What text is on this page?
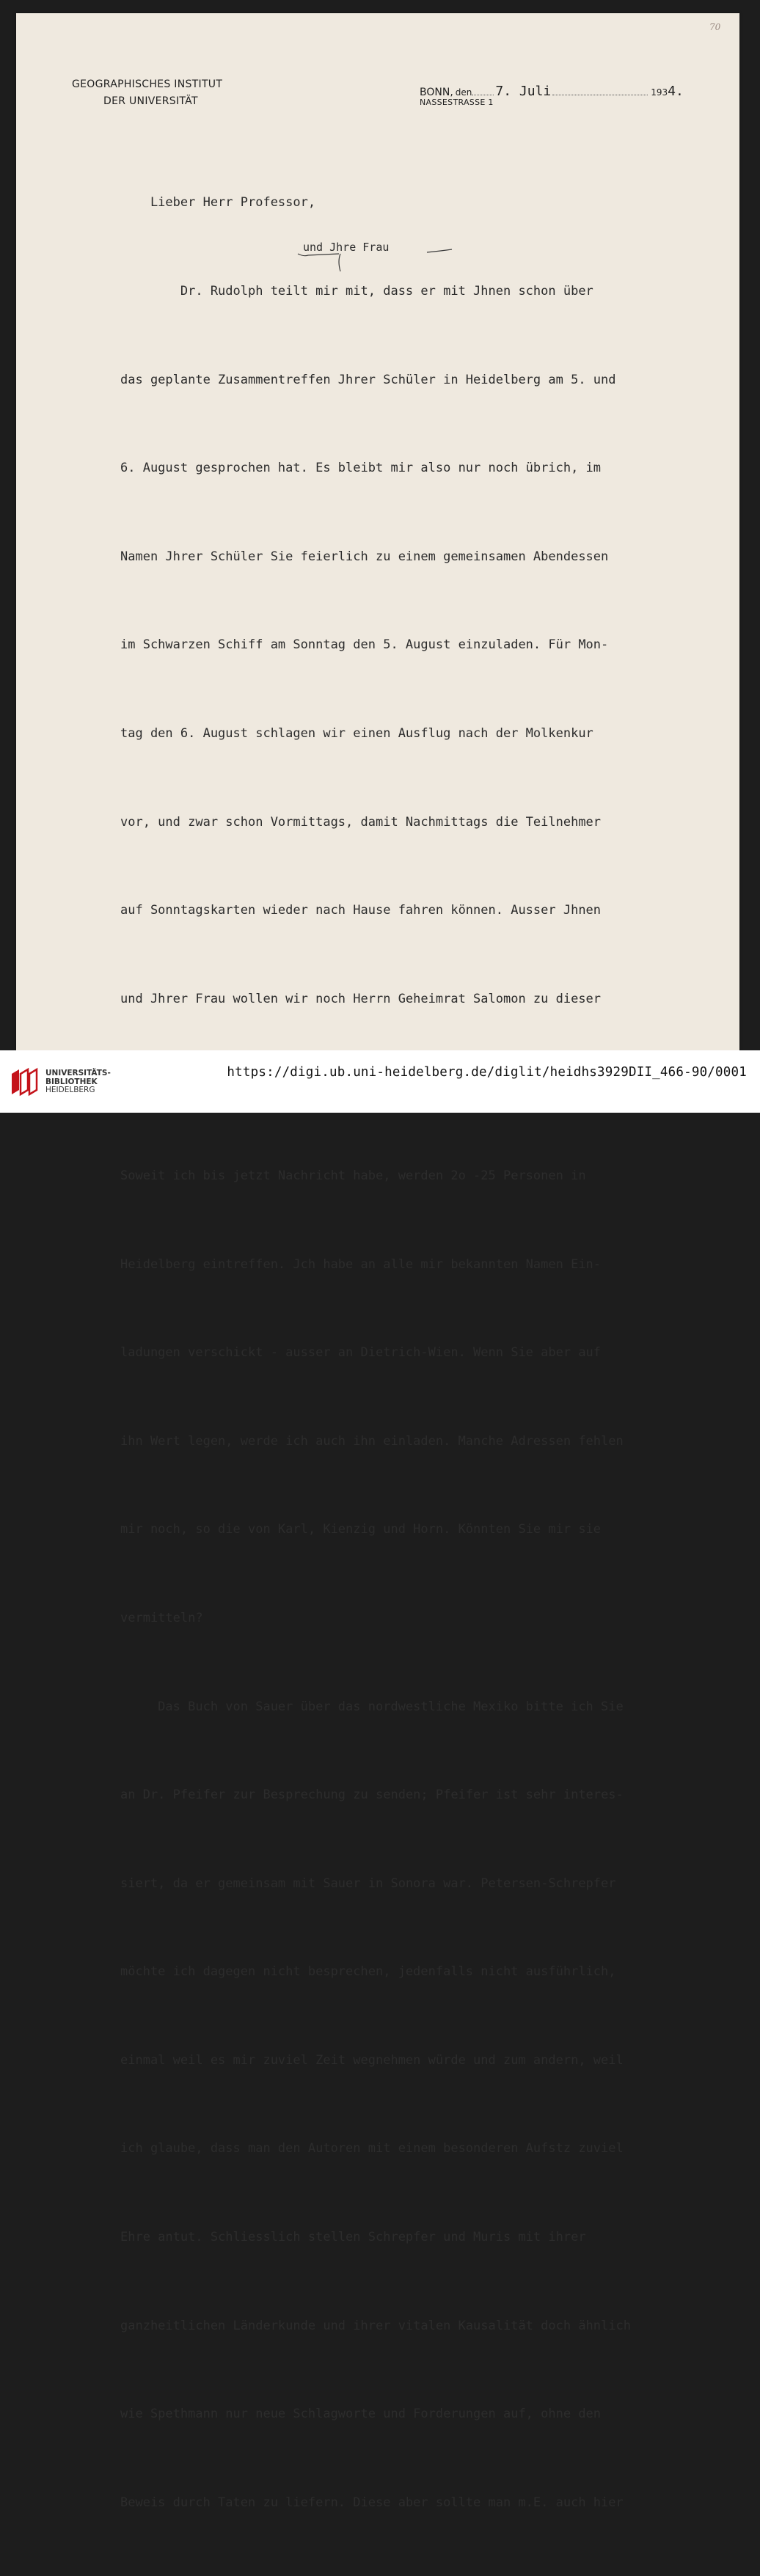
70
GEOGRAPHISCHES INSTITUT
DER UNIVERSITÄT
BONN, den 7. Juli	193 4.
NASSESTRASSE 1
und Jhre Frau

Lieber Herr Professor,

Dr. Rudolph teilt mir mit, dass er mit Jhnen schon über

das geplante Zusammentreffen Jhrer Schüler in Heidelberg am 5. und

6. August gesprochen hat. Es bleibt mir also nur noch übrich, im

Namen Jhrer Schüler Sie feierlich zu einem gemeinsamen Abendessen

im Schwarzen Schiff am Sonntag den 5. August einzuladen. Für Mon-

tag den 6. August schlagen wir einen Ausflug nach der Molkenkur

vor, und zwar schon Vormittags, damit Nachmittags die Teilnehmer

auf Sonntagskarten wieder nach Hause fahren können. Ausser Jhnen

und Jhrer Frau wollen wir noch Herrn Geheimrat Salomon zu dieser

Soweit ich bis jetzt Nachricht habe, werden 2o -25 Personen in

Heidelberg eintreffen. Jch habe an alle mir bekannten Namen Ein-

ladungen verschickt - ausser an Dietrich-Wien. Wenn Sie aber auf

ihn Wert legen, werde ich auch ihn einladen. Manche Adressen fehlen

mir noch, so die von Karl, Kienzig und Horn. Könnten Sie mir sie

vermitteln?

Das Buch von Sauer über das nordwestliche Mexiko bitte ich Sie

an Dr. Pfeifer zur Besprechung zu senden; Pfeifer ist sehr interes-

siert, da er gemeinsam mit Sauer in Sonora war. Petersen-Schrepfer

möchte ich dagegen nicht besprechen, jedenfalls nicht ausführlich,

einmal weil es mir zuviel Zeit wegnehmen würde und zum andern, weil

ich glaube, dass man den Autoren mit einem besonderen Aufstz zuviel

Ehre antut. Schliesslich stellen Schrepfer und Muris mit ihrer

ganzheitlichen Länderkunde und ihrer vitalen Kausalität doch ähnlich

wie Spethmann nur neue Schlagworte und Forderungen auf, ohne den

Beweis durch Taten zu liefern. Diese aber sollte man m.E. auch hier

UNIVERSITÄTS-
BIBLIOTHEK
HEIDELBERG
https://digi.ub.uni-heidelberg.de/diglit/heidhs3929DII_466-90/0001
